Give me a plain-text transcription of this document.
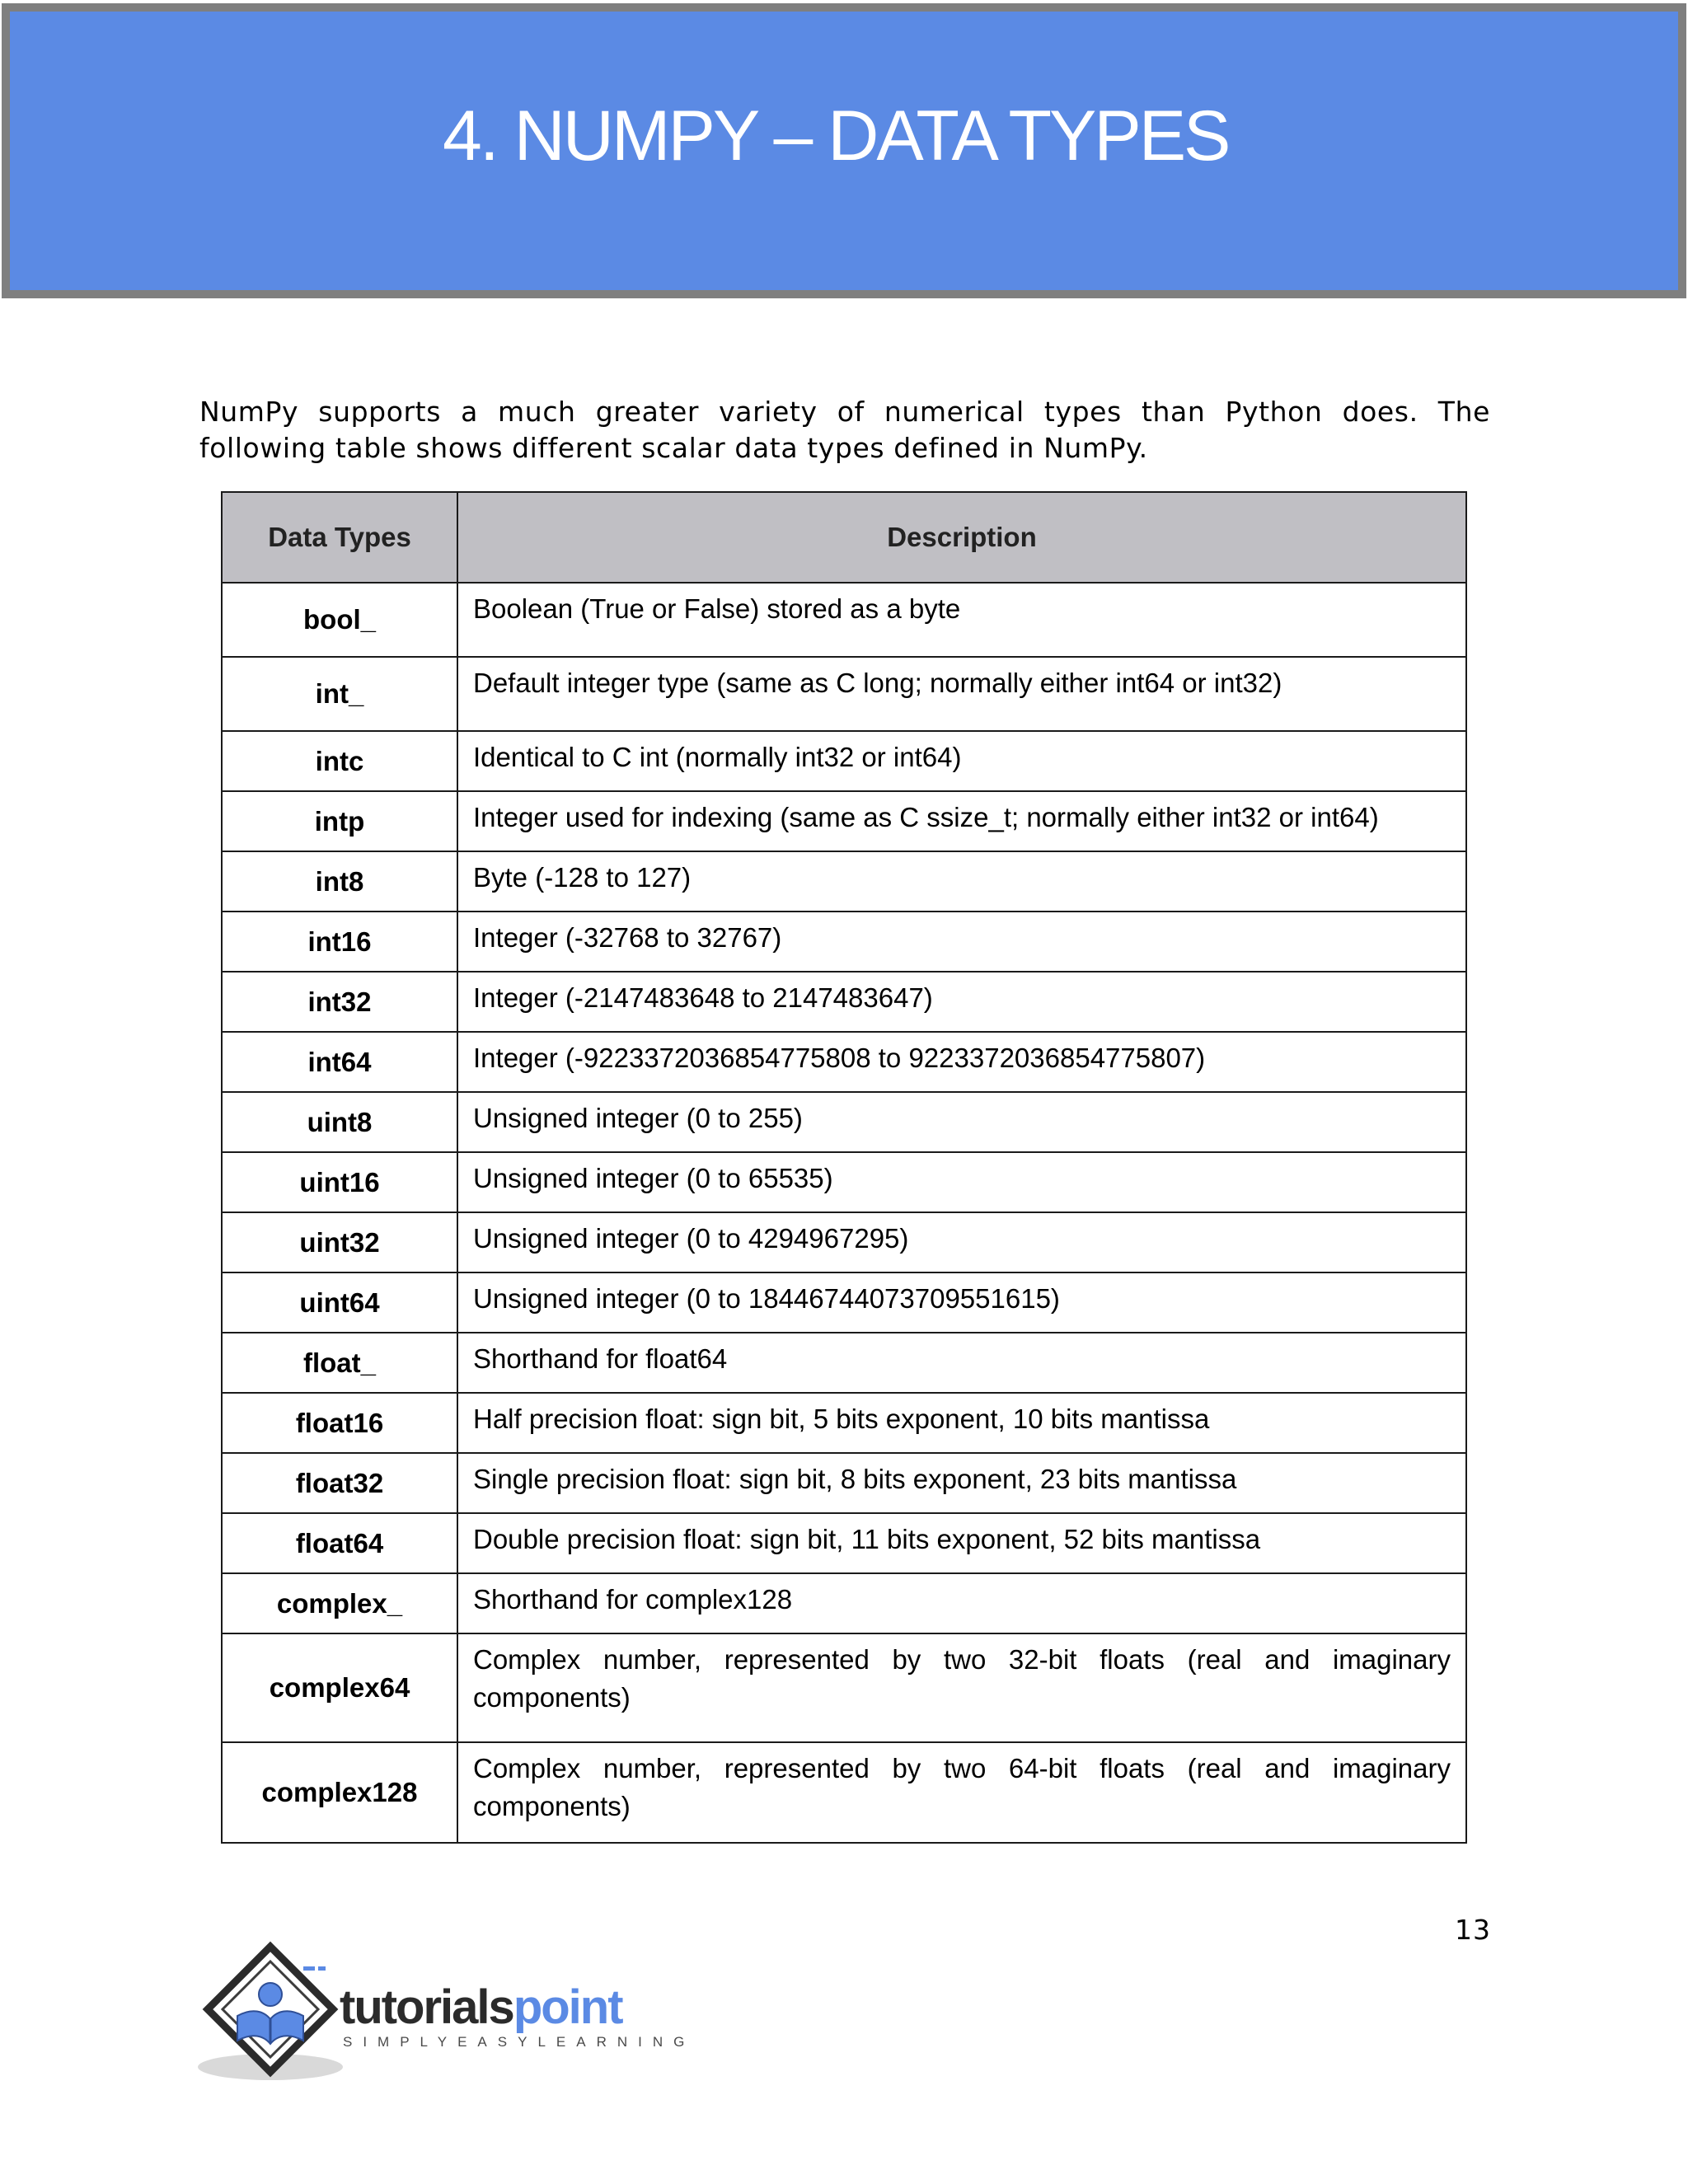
4. NUMPY – DATA TYPES

NumPy supports a much greater variety of numerical types than Python does. The following table shows different scalar data types defined in NumPy.

Data Types	Description
bool_	Boolean (True or False) stored as a byte
int_	Default integer type (same as C long; normally either int64 or int32)
intc	Identical to C int (normally int32 or int64)
intp	Integer used for indexing (same as C ssize_t; normally either int32 or int64)
int8	Byte (-128 to 127)
int16	Integer (-32768 to 32767)
int32	Integer (-2147483648 to 2147483647)
int64	Integer (-9223372036854775808 to 9223372036854775807)
uint8	Unsigned integer (0 to 255)
uint16	Unsigned integer (0 to 65535)
uint32	Unsigned integer (0 to 4294967295)
uint64	Unsigned integer (0 to 18446744073709551615)
float_	Shorthand for float64
float16	Half precision float: sign bit, 5 bits exponent, 10 bits mantissa
float32	Single precision float: sign bit, 8 bits exponent, 23 bits mantissa
float64	Double precision float: sign bit, 11 bits exponent, 52 bits mantissa
complex_	Shorthand for complex128
complex64	Complex number, represented by two 32-bit floats (real and imaginary components)
complex128	Complex number, represented by two 64-bit floats (real and imaginary components)
13
tutorialspoint
SIMPLYEASYLEARNING
